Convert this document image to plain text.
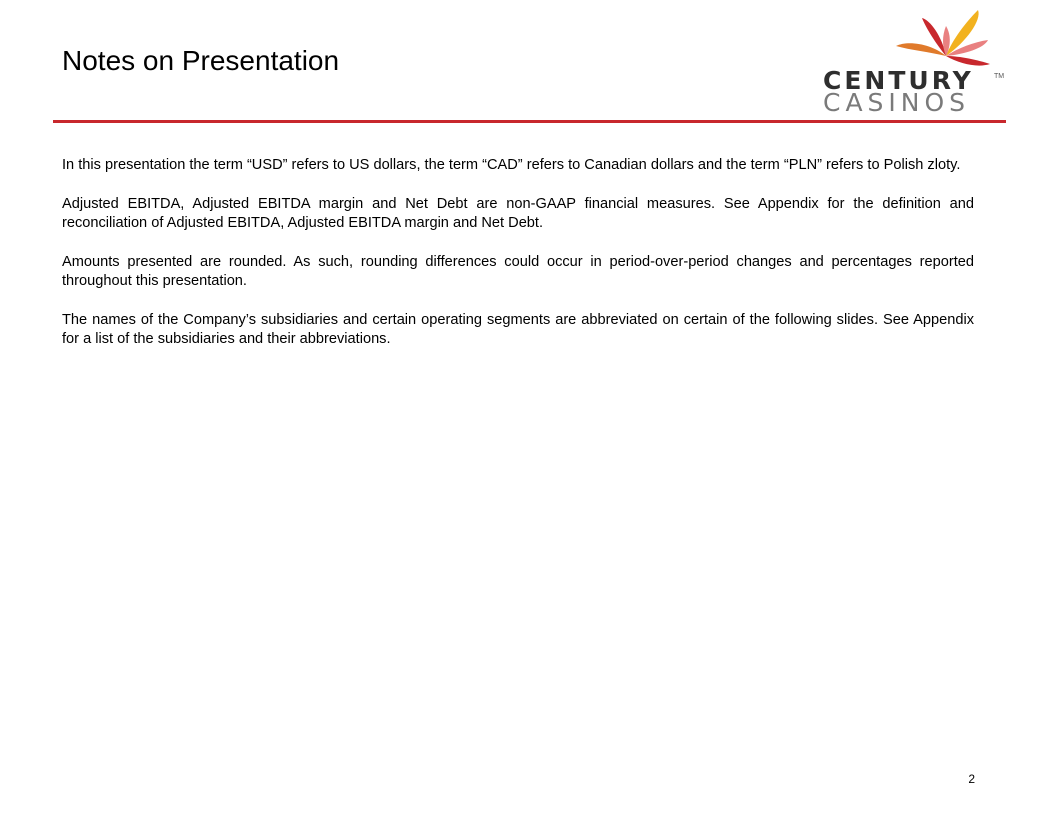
Notes on Presentation
CENTURY
CASINOS
TM

In this presentation the term “USD” refers to US dollars, the term “CAD” refers to Canadian dollars and the term “PLN” refers to Polish zloty.

Adjusted EBITDA, Adjusted EBITDA margin and Net Debt are non-GAAP financial measures. See Appendix for the definition and reconciliation of Adjusted EBITDA, Adjusted EBITDA margin and Net Debt.

Amounts presented are rounded. As such, rounding differences could occur in period-over-period changes and percentages reported throughout this presentation.

The names of the Company’s subsidiaries and certain operating segments are abbreviated on certain of the following slides. See Appendix for a list of the subsidiaries and their abbreviations.

2
